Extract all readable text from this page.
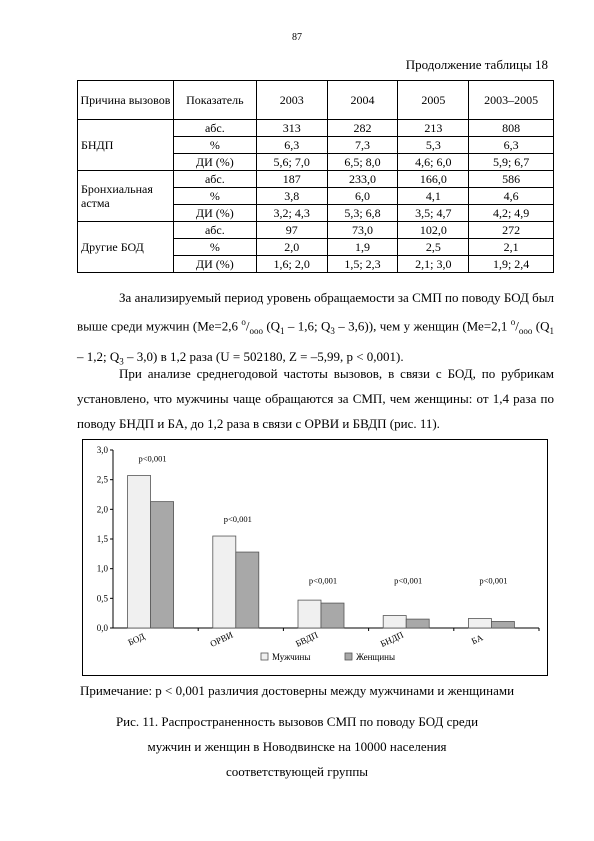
87
Продолжение таблицы 18
Причина вызовов	Показатель	2003	2004	2005	2003–2005
БНДП	абс.	313	282	213	808
	%	6,3	7,3	5,3	6,3
	ДИ (%)	5,6; 7,0	6,5; 8,0	4,6; 6,0	5,9; 6,7
Бронхиальная астма	абс.	187	233,0	166,0	586
	%	3,8	6,0	4,1	4,6
	ДИ (%)	3,2; 4,3	5,3; 6,8	3,5; 4,7	4,2; 4,9
Другие БОД	абс.	97	73,0	102,0	272
	%	2,0	1,9	2,5	2,1
	ДИ (%)	1,6; 2,0	1,5; 2,3	2,1; 3,0	1,9; 2,4

За анализируемый период уровень обращаемости за СМП по поводу БОД был выше среди мужчин (Ме=2,6 $^о/_{ооо}$ ($Q_1 - 1,6$; $Q_3 - 3,6$)), чем у женщин (Ме=2,1 $^о/_{ооо}$ ($Q_1 - 1,2$; $Q_3 - 3,0$) в 1,2 раза (U = 502180, Z = –5,99, p < 0,001).

При анализе среднегодовой частоты вызовов, в связи с БОД, по рубрикам установлено, что мужчины чаще обращаются за СМП, чем женщины: от 1,4 раза по поводу БНДП и БА, до 1,2 раза в связи с ОРВИ и БВДП (рис. 11).

0,0
0,5
1,0
1,5
2,0
2,5
3,0
БОД
p<0,001
ОРВИ
p<0,001
БВДП
p<0,001
БНДП
p<0,001
БА
p<0,001
Мужчины	Женщины
Примечание: p < 0,001 различия достоверны между мужчинами и женщинами
Рис. 11. Распространенность вызовов СМП по поводу БОД среди мужчин и женщин в Новодвинске на 10000 населения соответствующей группы
